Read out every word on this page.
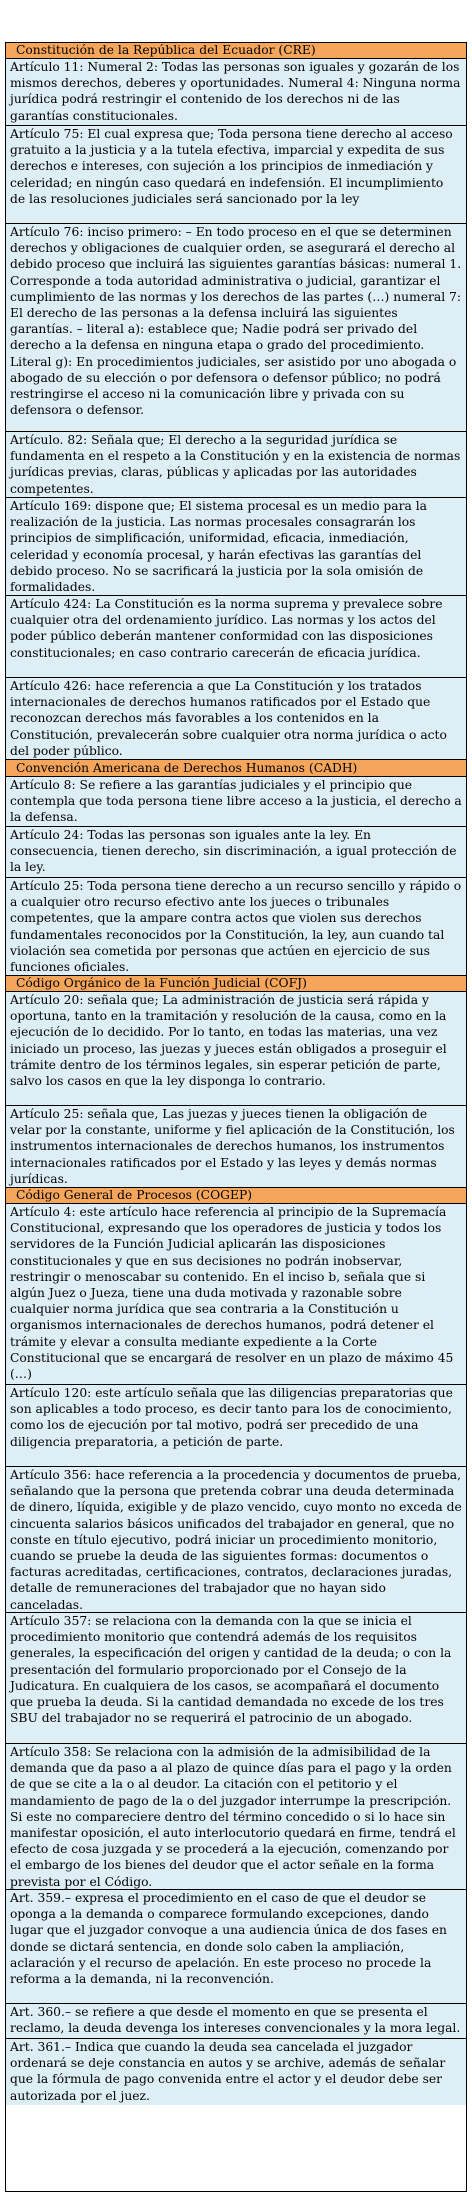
Constitución de la República del Ecuador (CRE)
Artículo 11: Numeral 2: Todas las personas son iguales y gozarán de los mismos derechos, deberes y oportunidades. Numeral 4: Ninguna norma jurídica podrá restringir el contenido de los derechos ni de las garantías constitucionales.
Artículo 75: El cual expresa que; Toda persona tiene derecho al acceso gratuito a la justicia y a la tutela efectiva, imparcial y expedita de sus derechos e intereses, con sujeción a los principios de inmediación y celeridad; en ningún caso quedará en indefensión. El incumplimiento de las resoluciones judiciales será sancionado por la ley
Artículo 76: inciso primero: – En todo proceso en el que se determinen derechos y obligaciones de cualquier orden, se asegurará el derecho al debido proceso que incluirá las siguientes garantías básicas: numeral 1. Corresponde a toda autoridad administrativa o judicial, garantizar el cumplimiento de las normas y los derechos de las partes (…) numeral 7: El derecho de las personas a la defensa incluirá las siguientes garantías. – literal a): establece que; Nadie podrá ser privado del derecho a la defensa en ninguna etapa o grado del procedimiento. Literal g): En procedimientos judiciales, ser asistido por uno abogada o abogado de su elección o por defensora o defensor público; no podrá restringirse el acceso ni la comunicación libre y privada con su defensora o defensor.
Artículo. 82: Señala que; El derecho a la seguridad jurídica se fundamenta en el respeto a la Constitución y en la existencia de normas jurídicas previas, claras, públicas y aplicadas por las autoridades competentes.
Artículo 169: dispone que; El sistema procesal es un medio para la realización de la justicia. Las normas procesales consagrarán los principios de simplificación, uniformidad, eficacia, inmediación, celeridad y economía procesal, y harán efectivas las garantías del debido proceso. No se sacrificará la justicia por la sola omisión de formalidades.
Artículo 424: La Constitución es la norma suprema y prevalece sobre cualquier otra del ordenamiento jurídico. Las normas y los actos del poder público deberán mantener conformidad con las disposiciones constitucionales; en caso contrario carecerán de eficacia jurídica.
Artículo 426: hace referencia a que La Constitución y los tratados internacionales de derechos humanos ratificados por el Estado que reconozcan derechos más favorables a los contenidos en la Constitución, prevalecerán sobre cualquier otra norma jurídica o acto del poder público.
Convención Americana de Derechos Humanos (CADH)
Artículo 8: Se refiere a las garantías judiciales y el principio que contempla que toda persona tiene libre acceso a la justicia, el derecho a la defensa.
Artículo 24: Todas las personas son iguales ante la ley. En consecuencia, tienen derecho, sin discriminación, a igual protección de la ley.
Artículo 25: Toda persona tiene derecho a un recurso sencillo y rápido o a cualquier otro recurso efectivo ante los jueces o tribunales competentes, que la ampare contra actos que violen sus derechos fundamentales reconocidos por la Constitución, la ley, aun cuando tal violación sea cometida por personas que actúen en ejercicio de sus funciones oficiales.
Código Orgánico de la Función Judicial (COFJ)
Artículo 20: señala que; La administración de justicia será rápida y oportuna, tanto en la tramitación y resolución de la causa, como en la ejecución de lo decidido. Por lo tanto, en todas las materias, una vez iniciado un proceso, las juezas y jueces están obligados a proseguir el trámite dentro de los términos legales, sin esperar petición de parte, salvo los casos en que la ley disponga lo contrario.
Artículo 25: señala que, Las juezas y jueces tienen la obligación de velar por la constante, uniforme y fiel aplicación de la Constitución, los instrumentos internacionales de derechos humanos, los instrumentos internacionales ratificados por el Estado y las leyes y demás normas jurídicas.
Código General de Procesos (COGEP)
Artículo 4: este artículo hace referencia al principio de la Supremacía Constitucional, expresando que los operadores de justicia y todos los servidores de la Función Judicial aplicarán las disposiciones constitucionales y que en sus decisiones no podrán inobservar, restringir o menoscabar su contenido. En el inciso b, señala que si algún Juez o Jueza, tiene una duda motivada y razonable sobre cualquier norma jurídica que sea contraria a la Constitución u organismos internacionales de derechos humanos, podrá detener el trámite y elevar a consulta mediante expediente a la Corte Constitucional que se encargará de resolver en un plazo de máximo 45 (…)
Artículo 120: este artículo señala que las diligencias preparatorias que son aplicables a todo proceso, es decir tanto para los de conocimiento, como los de ejecución por tal motivo, podrá ser precedido de una diligencia preparatoria, a petición de parte.
Artículo 356: hace referencia a la procedencia y documentos de prueba, señalando que la persona que pretenda cobrar una deuda determinada de dinero, líquida, exigible y de plazo vencido, cuyo monto no exceda de cincuenta salarios básicos unificados del trabajador en general, que no conste en título ejecutivo, podrá iniciar un procedimiento monitorio, cuando se pruebe la deuda de las siguientes formas: documentos o facturas acreditadas, certificaciones, contratos, declaraciones juradas, detalle de remuneraciones del trabajador que no hayan sido canceladas.
Artículo 357: se relaciona con la demanda con la que se inicia el procedimiento monitorio que contendrá además de los requisitos generales, la especificación del origen y cantidad de la deuda; o con la presentación del formulario proporcionado por el Consejo de la Judicatura. En cualquiera de los casos, se acompañará el documento que prueba la deuda. Si la cantidad demandada no excede de los tres SBU del trabajador no se requerirá el patrocinio de un abogado.
Artículo 358: Se relaciona con la admisión de la admisibilidad de la demanda que da paso a al plazo de quince días para el pago y la orden de que se cite a la o al deudor. La citación con el petitorio y el mandamiento de pago de la o del juzgador interrumpe la prescripción. Si este no compareciere dentro del término concedido o si lo hace sin manifestar oposición, el auto interlocutorio quedará en firme, tendrá el efecto de cosa juzgada y se procederá a la ejecución, comenzando por el embargo de los bienes del deudor que el actor señale en la forma prevista por el Código.
Art. 359.– expresa el procedimiento en el caso de que el deudor se oponga a la demanda o comparece formulando excepciones, dando lugar que el juzgador convoque a una audiencia única de dos fases en donde se dictará sentencia, en donde solo caben la ampliación, aclaración y el recurso de apelación. En este proceso no procede la reforma a la demanda, ni la reconvención.
Art. 360.– se refiere a que desde el momento en que se presenta el reclamo, la deuda devenga los intereses convencionales y la mora legal.
Art. 361.– Indica que cuando la deuda sea cancelada el juzgador ordenará se deje constancia en autos y se archive, además de señalar que la fórmula de pago convenida entre el actor y el deudor debe ser autorizada por el juez.
